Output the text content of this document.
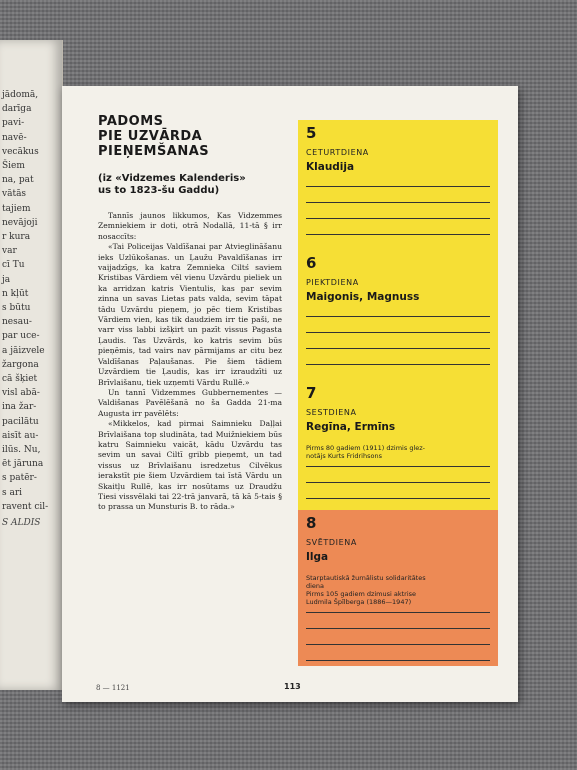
jādomā,
darīga
pavi-
navē-
vecākus
Šiem
na, pat
vātās
tajiem
nevājoji
r kura
var
cī Tu
ja
n kļūt
s būtu
nesau-
par uce-
a jāizvele
žargona
cā šķiet
visl abā-
ina žar-
pacilātu
aisīt au-
ilūs. Nu,
ēt jāruna
s patēr-
s ari
ravent cil-
S ALDIS
PADOMS
PIE UZVĀRDA
PIEŅEMŠANAS
(iz «Vidzemes Kalenderis»
us to 1823-šu Gaddu)

Tannīs jaunos likkumos, Kas Vidzemmes Zemniekiem ir doti, otrā Nodallā, 11-tā § irr nosaccīts:

«Tai Policeijas Valdīšanai par Atvieglināšanu ieks Uzlūkošanas. un Ļaužu Pavaldīšanas irr vaijadzīgs, ka katra Zemnieka Ciltś saviem Kristibas Vārdiem vēl vienu Uzvārdu pieliek un ka arridzan katris Vientulis, kas par sevim zinna un savas Lietas pats valda, sevim tāpat tādu Uzvārdu pieņem, jo pēc tiem Kristibas Vārdiem vien, kas tik daudziem irr tie paši, ne varr viss labbi izšķirt un pazīt vissus Pagasta Ļaudis. Tas Uzvārds, ko katris sevim būs pieņēmis, tad vairs nav pārmijams ar citu bez Valdīšanas Paļaušanas. Pie šiem tādiem Uzvārdiem tie Ļaudis, kas irr izraudzīti uz Brīvlaišanu, tiek uzņemti Vārdu Rullē.»

Un tannī Vidzemmes Gubbernementes — Valdišanas Pavēlēšanā no ša Gadda 21-ma Augusta irr pavēlēts:

«Mikkelos, kad pirmai Saimnieku Daļļai Brīvlaišana top sludināta, tad Muižniekiem būs katru Saimnieku vaicāt, kādu Uzvārdu tas sevim un savai Ciltī gribb pieņemt, un tad vissus uz Brīvlaišanu isredzetus Cilvēkus ierakstīt pie šiem Uzvārdiem tai īstā Vārdu un Skaitļu Rullē, kas irr nosūtams uz Draudžu Tiesi vissvēlaki tai 22-trā janvarā, tā kā 5-tais § to prassa un Munsturis B. to rāda.»

5
CETURTDIENA
Klaudija
6
PIEKTDIENA
Maigonis, Magnuss
7
SESTDIENA
Regīna, Ermīns
Pirms 80 gadiem (1911) dzimis glez-
notājs Kurts Fridrihsons
8
SVĒTDIENA
Ilga
Starptautiskā žurnālistu solidaritātes
diena
Pirms 105 gadiem dzimusi aktrise
Ludmila Špīlberga (1886—1947)
8 — 1121	113
